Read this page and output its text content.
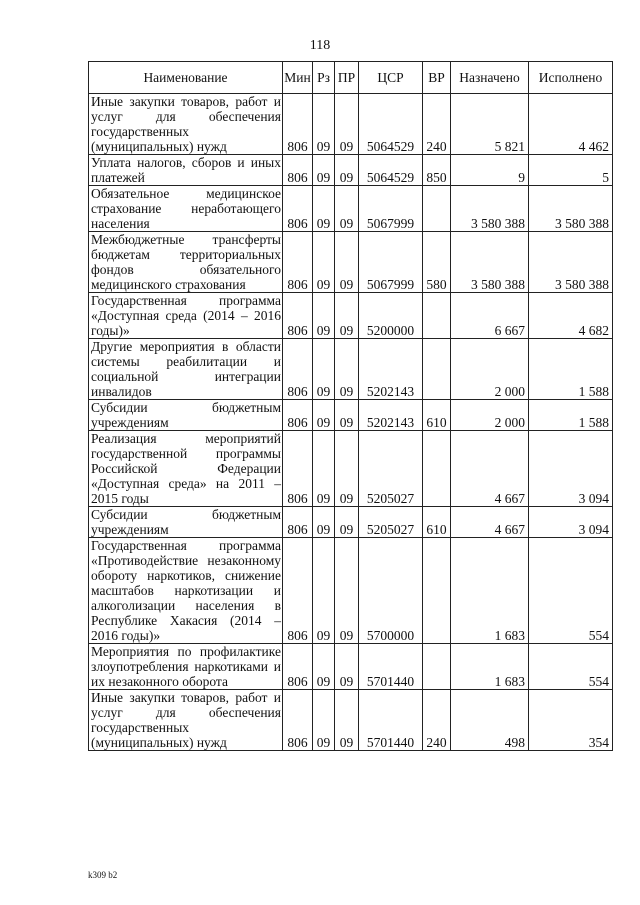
118
Наименование	Мин	Рз	ПР	ЦСР	ВР	Назначено	Исполнено
Иные закупки товаров, работ и услуг для обеспечения государственных (муниципальных) нужд	806	09	09	5064529	240	5 821	4 462
Уплата налогов, сборов и иных платежей	806	09	09	5064529	850	9	5
Обязательное медицинское страхование неработающего населения	806	09	09	5067999		3 580 388	3 580 388
Межбюджетные трансферты бюджетам территориальных фондов обязательного медицинского страхования	806	09	09	5067999	580	3 580 388	3 580 388
Государственная программа «Доступная среда (2014 – 2016 годы)»	806	09	09	5200000		6 667	4 682
Другие мероприятия в области системы реабилитации и социальной интеграции инвалидов	806	09	09	5202143		2 000	1 588
Субсидии бюджетным учреждениям	806	09	09	5202143	610	2 000	1 588
Реализация мероприятий государственной программы Российской Федерации «Доступная среда» на 2011 – 2015 годы	806	09	09	5205027		4 667	3 094
Субсидии бюджетным учреждениям	806	09	09	5205027	610	4 667	3 094
Государственная программа «Противодействие незаконному обороту наркотиков, снижение масштабов наркотизации и алкоголизации населения в Республике Хакасия (2014 – 2016 годы)»	806	09	09	5700000		1 683	554
Мероприятия по профилактике злоупотребления наркотиками и их незаконного оборота	806	09	09	5701440		1 683	554
Иные закупки товаров, работ и услуг для обеспечения государственных (муниципальных) нужд	806	09	09	5701440	240	498	354
k309 b2
